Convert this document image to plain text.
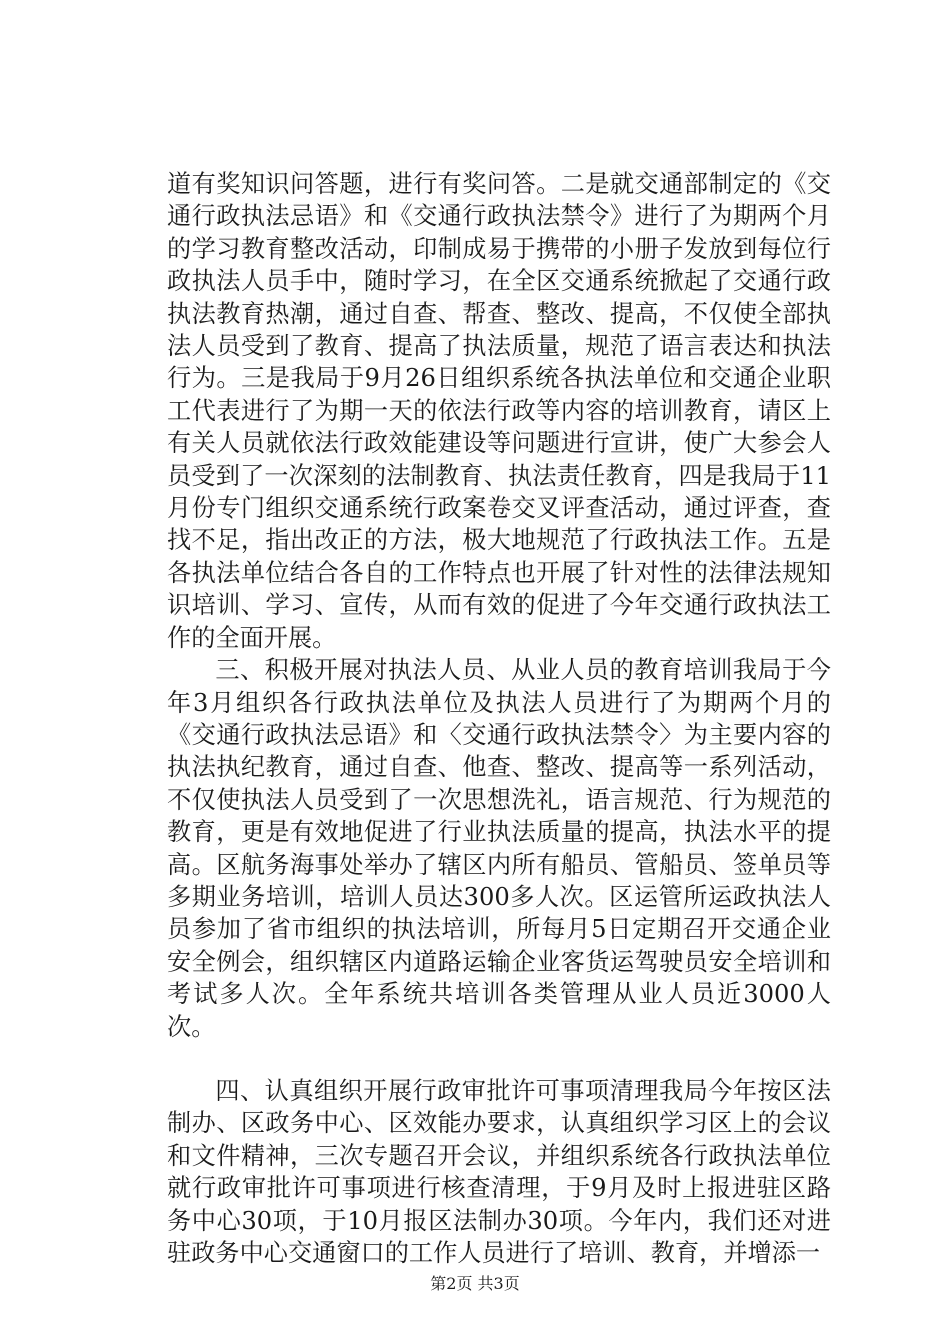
道有奖知识问答题，进行有奖问答。二是就交通部制定的《交通行政执法忌语》和《交通行政执法禁令》进行了为期两个月的学习教育整改活动，印制成易于携带的小册子发放到每位行政执法人员手中，随时学习，在全区交通系统掀起了交通行政执法教育热潮，通过自查、帮查、整改、提高，不仅使全部执法人员受到了教育、提高了执法质量，规范了语言表达和执法行为。三是我局于9月26日组织系统各执法单位和交通企业职工代表进行了为期一天的依法行政等内容的培训教育，请区上有关人员就依法行政效能建设等问题进行宣讲，使广大参会人员受到了一次深刻的法制教育、执法责任教育，四是我局于11月份专门组织交通系统行政案卷交叉评查活动，通过评查，查找不足，指出改正的方法，极大地规范了行政执法工作。五是各执法单位结合各自的工作特点也开展了针对性的法律法规知识培训、学习、宣传，从而有效的促进了今年交通行政执法工作的全面开展。

三、积极开展对执法人员、从业人员的教育培训我局于今年3月组织各行政执法单位及执法人员进行了为期两个月的《交通行政执法忌语》和〈交通行政执法禁令〉为主要内容的执法执纪教育，通过自查、他查、整改、提高等一系列活动，不仅使执法人员受到了一次思想洗礼，语言规范、行为规范的教育，更是有效地促进了行业执法质量的提高，执法水平的提高。区航务海事处举办了辖区内所有船员、管船员、签单员等多期业务培训，培训人员达300多人次。区运管所运政执法人员参加了省市组织的执法培训，所每月5日定期召开交通企业安全例会，组织辖区内道路运输企业客货运驾驶员安全培训和考试多人次。全年系统共培训各类管理从业人员近3000人次。

四、认真组织开展行政审批许可事项清理我局今年按区法制办、区政务中心、区效能办要求，认真组织学习区上的会议和文件精神，三次专题召开会议，并组织系统各行政执法单位就行政审批许可事项进行核查清理，于9月及时上报进驻区路务中心30项，于10月报区法制办30项。今年内，我们还对进驻政务中心交通窗口的工作人员进行了培训、教育，并增添一

第2页 共3页
